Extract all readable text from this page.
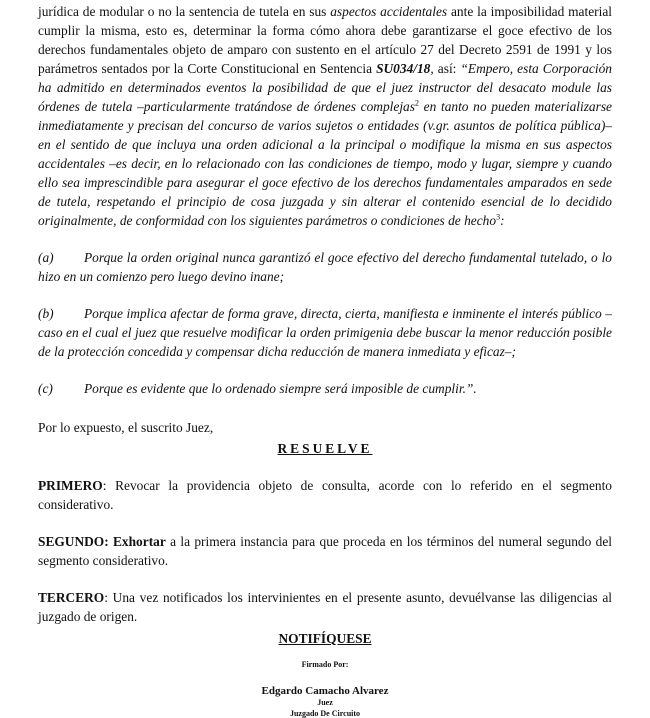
jurídica de modular o no la sentencia de tutela en sus aspectos accidentales ante la imposibilidad material cumplir la misma, esto es, determinar la forma cómo ahora debe garantizarse el goce efectivo de los derechos fundamentales objeto de amparo con sustento en el artículo 27 del Decreto 2591 de 1991 y los parámetros sentados por la Corte Constitucional en Sentencia SU034/18, así: “Empero, esta Corporación ha admitido en determinados eventos la posibilidad de que el juez instructor del desacato module las órdenes de tutela –particularmente tratándose de órdenes complejas$^2$ en tanto no pueden materializarse inmediatamente y precisan del concurso de varios sujetos o entidades (v.gr. asuntos de política pública)– en el sentido de que incluya una orden adicional a la principal o modifique la misma en sus aspectos accidentales –es decir, en lo relacionado con las condiciones de tiempo, modo y lugar, siempre y cuando ello sea imprescindible para asegurar el goce efectivo de los derechos fundamentales amparados en sede de tutela, respetando el principio de cosa juzgada y sin alterar el contenido esencial de lo decidido originalmente, de conformidad con los siguientes parámetros o condiciones de hecho$^3$:

(a) Porque la orden original nunca garantizó el goce efectivo del derecho fundamental tutelado, o lo hizo en un comienzo pero luego devino inane;

(b) Porque implica afectar de forma grave, directa, cierta, manifiesta e inminente el interés público –caso en el cual el juez que resuelve modificar la orden primigenia debe buscar la menor reducción posible de la protección concedida y compensar dicha reducción de manera inmediata y eficaz–;

(c) Porque es evidente que lo ordenado siempre será imposible de cumplir.”.

Por lo expuesto, el suscrito Juez,

RESUELVE

PRIMERO: Revocar la providencia objeto de consulta, acorde con lo referido en el segmento considerativo.

SEGUNDO: Exhortar a la primera instancia para que proceda en los términos del numeral segundo del segmento considerativo.

TERCERO: Una vez notificados los intervinientes en el presente asunto, devuélvanse las diligencias al juzgado de origen.

NOTIFÍQUESE

Firmado Por:
Edgardo Camacho Alvarez
Juez
Juzgado De Circuito
